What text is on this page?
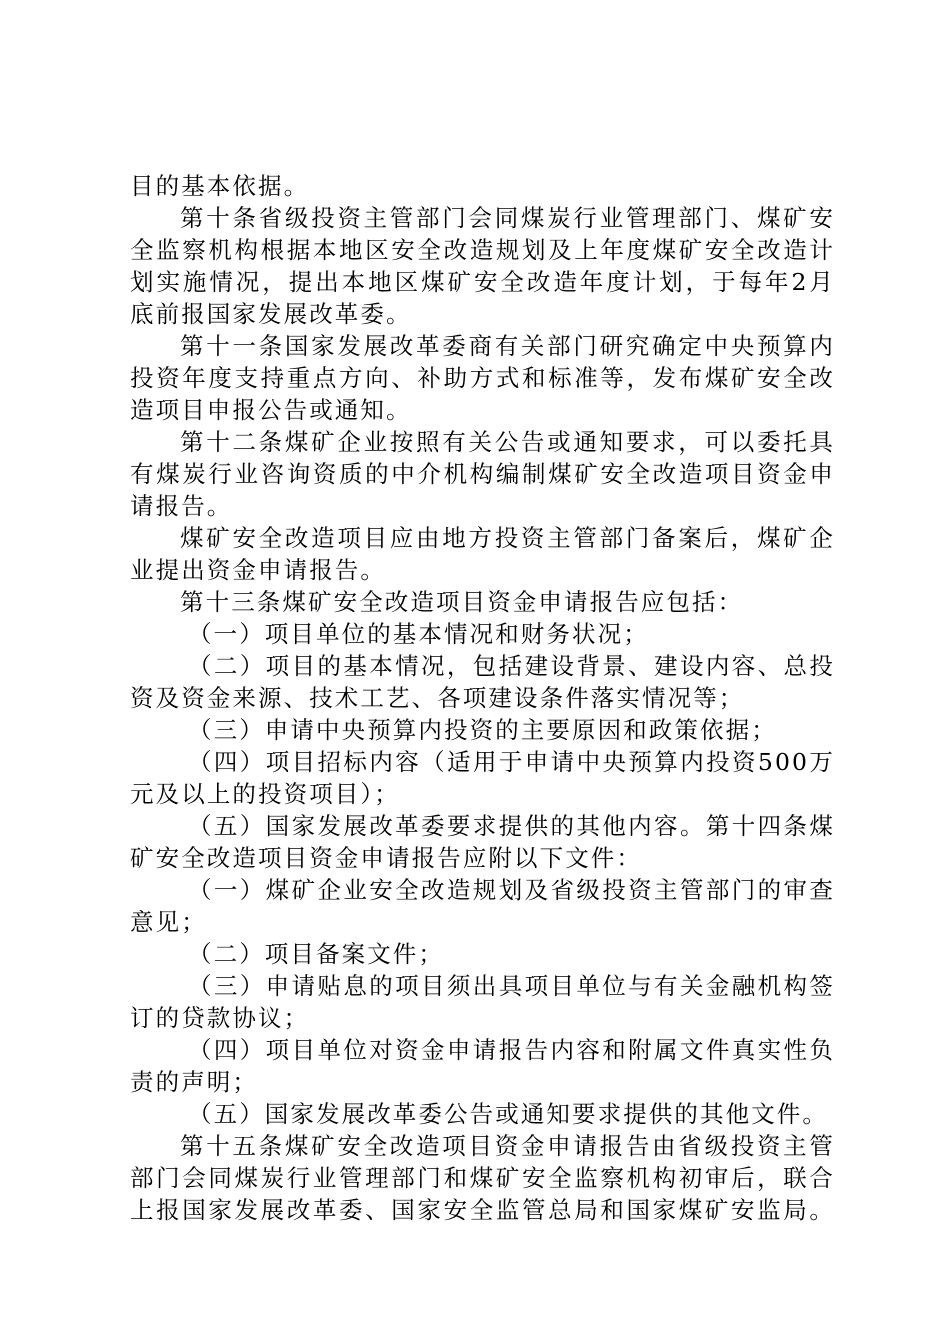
目的基本依据。
第十条省级投资主管部门会同煤炭行业管理部门、煤矿安
全监察机构根据本地区安全改造规划及上年度煤矿安全改造计
划实施情况，提出本地区煤矿安全改造年度计划，于每年2月
底前报国家发展改革委。
第十一条国家发展改革委商有关部门研究确定中央预算内
投资年度支持重点方向、补助方式和标准等，发布煤矿安全改
造项目申报公告或通知。
第十二条煤矿企业按照有关公告或通知要求，可以委托具
有煤炭行业咨询资质的中介机构编制煤矿安全改造项目资金申
请报告。
煤矿安全改造项目应由地方投资主管部门备案后，煤矿企
业提出资金申请报告。
第十三条煤矿安全改造项目资金申请报告应包括：
（一）项目单位的基本情况和财务状况；
（二）项目的基本情况，包括建设背景、建设内容、总投
资及资金来源、技术工艺、各项建设条件落实情况等；
（三）申请中央预算内投资的主要原因和政策依据；
（四）项目招标内容（适用于申请中央预算内投资500万
元及以上的投资项目）；
（五）国家发展改革委要求提供的其他内容。第十四条煤
矿安全改造项目资金申请报告应附以下文件：
（一）煤矿企业安全改造规划及省级投资主管部门的审查
意见；
（二）项目备案文件；
（三）申请贴息的项目须出具项目单位与有关金融机构签
订的贷款协议；
（四）项目单位对资金申请报告内容和附属文件真实性负
责的声明；
（五）国家发展改革委公告或通知要求提供的其他文件。
第十五条煤矿安全改造项目资金申请报告由省级投资主管
部门会同煤炭行业管理部门和煤矿安全监察机构初审后，联合
上报国家发展改革委、国家安全监管总局和国家煤矿安监局。
